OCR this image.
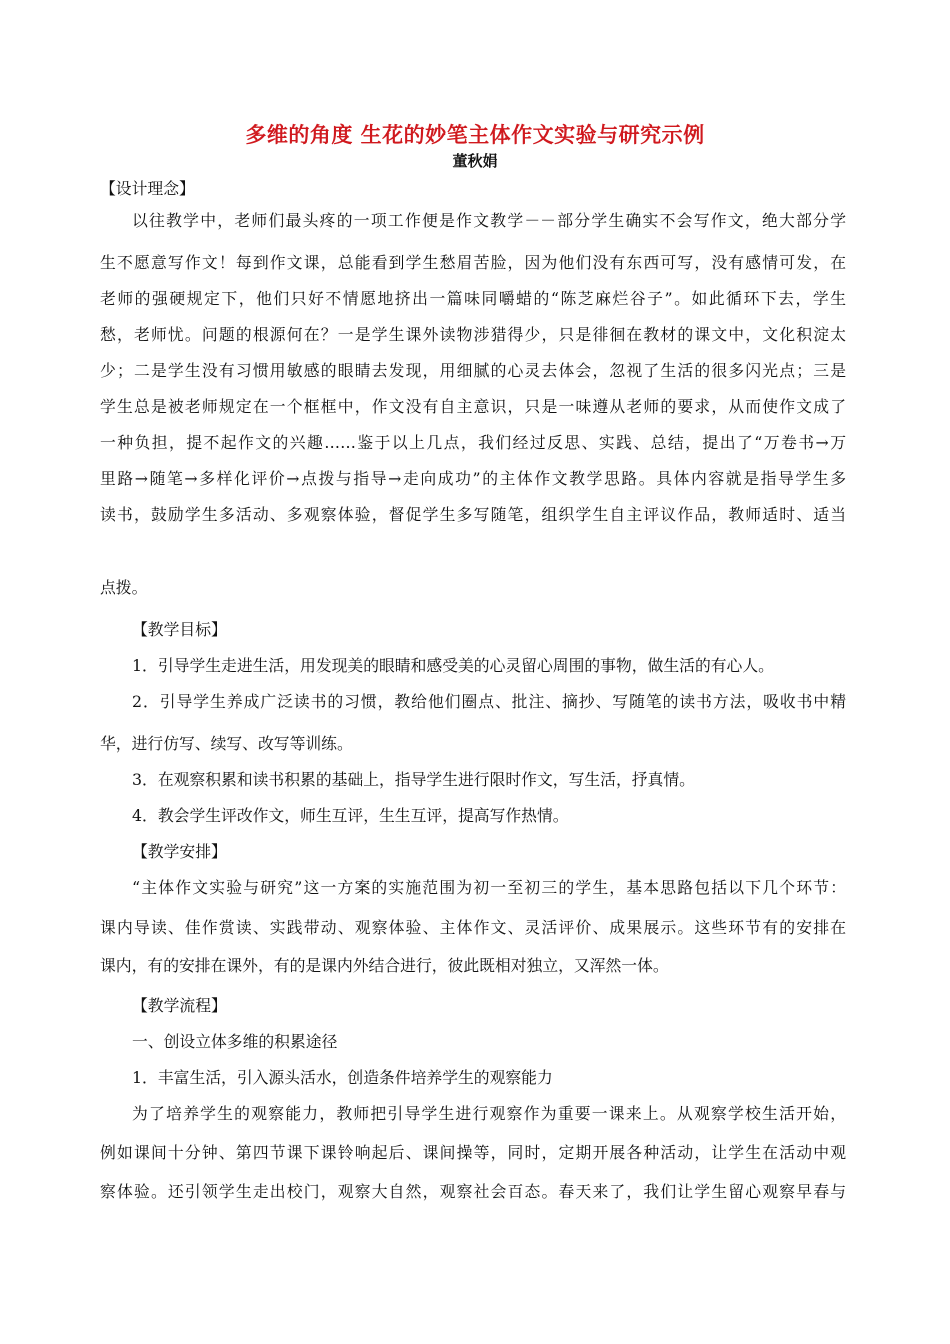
多维的角度 生花的妙笔主体作文实验与研究示例
董秋娟
【设计理念】
以往教学中，老师们最头疼的一项工作便是作文教学－－部分学生确实不会写作文，绝大部分学
生不愿意写作文！每到作文课，总能看到学生愁眉苦脸，因为他们没有东西可写，没有感情可发，在
老师的强硬规定下，他们只好不情愿地挤出一篇味同嚼蜡的“陈芝麻烂谷子”。如此循环下去，学生
愁，老师忧。问题的根源何在？一是学生课外读物涉猎得少，只是徘徊在教材的课文中，文化积淀太
少；二是学生没有习惯用敏感的眼睛去发现，用细腻的心灵去体会，忽视了生活的很多闪光点；三是
学生总是被老师规定在一个框框中，作文没有自主意识，只是一味遵从老师的要求，从而使作文成了
一种负担，提不起作文的兴趣……鉴于以上几点，我们经过反思、实践、总结，提出了“万卷书→万
里路→随笔→多样化评价→点拨与指导→走向成功”的主体作文教学思路。具体内容就是指导学生多
读书，鼓励学生多活动、多观察体验，督促学生多写随笔，组织学生自主评议作品，教师适时、适当
点拨。
【教学目标】
1．引导学生走进生活，用发现美的眼睛和感受美的心灵留心周围的事物，做生活的有心人。
2．引导学生养成广泛读书的习惯，教给他们圈点、批注、摘抄、写随笔的读书方法，吸收书中精
华，进行仿写、续写、改写等训练。
3．在观察积累和读书积累的基础上，指导学生进行限时作文，写生活，抒真情。
4．教会学生评改作文，师生互评，生生互评，提高写作热情。
【教学安排】
“主体作文实验与研究”这一方案的实施范围为初一至初三的学生，基本思路包括以下几个环节：
课内导读、佳作赏读、实践带动、观察体验、主体作文、灵活评价、成果展示。这些环节有的安排在
课内，有的安排在课外，有的是课内外结合进行，彼此既相对独立，又浑然一体。
【教学流程】
一、创设立体多维的积累途径
1．丰富生活，引入源头活水，创造条件培养学生的观察能力
为了培养学生的观察能力，教师把引导学生进行观察作为重要一课来上。从观察学校生活开始，
例如课间十分钟、第四节课下课铃响起后、课间操等，同时，定期开展各种活动，让学生在活动中观
察体验。还引领学生走出校门，观察大自然，观察社会百态。春天来了，我们让学生留心观察早春与
